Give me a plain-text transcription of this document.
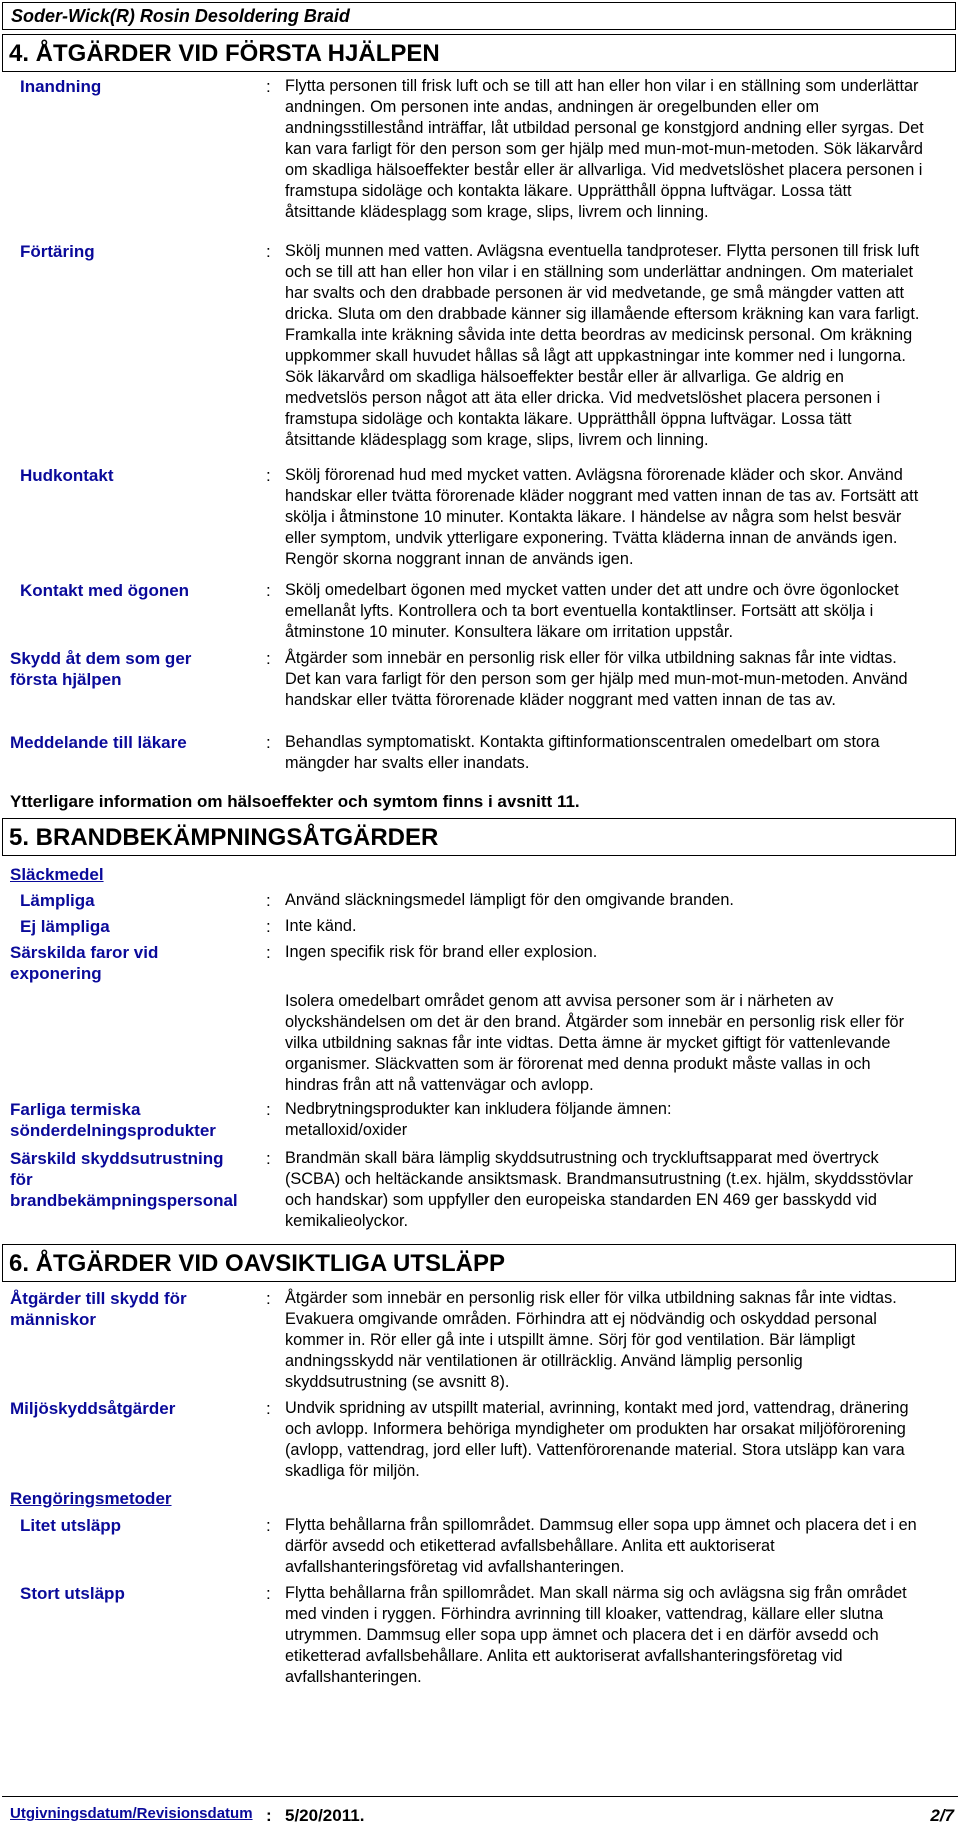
Soder-Wick(R) Rosin Desoldering Braid
4. ÅTGÄRDER VID FÖRSTA HJÄLPEN
Inandning	: Flytta personen till frisk luft och se till att han eller hon vilar i en ställning som underlättar andningen. Om personen inte andas, andningen är oregelbunden eller om andningsstillestånd inträffar, låt utbildad personal ge konstgjord andning eller syrgas. Det kan vara farligt för den person som ger hjälp med mun-mot-mun-metoden. Sök läkarvård om skadliga hälsoeffekter består eller är allvarliga. Vid medvetslöshet placera personen i framstupa sidoläge och kontakta läkare. Upprätthåll öppna luftvägar. Lossa tätt åtsittande klädesplagg som krage, slips, livrem och linning.
Förtäring	: Skölj munnen med vatten. Avlägsna eventuella tandproteser. Flytta personen till frisk luft och se till att han eller hon vilar i en ställning som underlättar andningen. Om materialet har svalts och den drabbade personen är vid medvetande, ge små mängder vatten att dricka. Sluta om den drabbade känner sig illamående eftersom kräkning kan vara farligt. Framkalla inte kräkning såvida inte detta beordras av medicinsk personal. Om kräkning uppkommer skall huvudet hållas så lågt att uppkastningar inte kommer ned i lungorna. Sök läkarvård om skadliga hälsoeffekter består eller är allvarliga. Ge aldrig en medvetslös person något att äta eller dricka. Vid medvetslöshet placera personen i framstupa sidoläge och kontakta läkare. Upprätthåll öppna luftvägar. Lossa tätt åtsittande klädesplagg som krage, slips, livrem och linning.
Hudkontakt	: Skölj förorenad hud med mycket vatten. Avlägsna förorenade kläder och skor. Använd handskar eller tvätta förorenade kläder noggrant med vatten innan de tas av. Fortsätt att skölja i åtminstone 10 minuter. Kontakta läkare. I händelse av några som helst besvär eller symptom, undvik ytterligare exponering. Tvätta kläderna innan de används igen. Rengör skorna noggrant innan de används igen.
Kontakt med ögonen	: Skölj omedelbart ögonen med mycket vatten under det att undre och övre ögonlocket emellanåt lyfts. Kontrollera och ta bort eventuella kontaktlinser. Fortsätt att skölja i åtminstone 10 minuter. Konsultera läkare om irritation uppstår.
Skydd åt dem som ger första hjälpen
: Åtgärder som innebär en personlig risk eller för vilka utbildning saknas får inte vidtas. Det kan vara farligt för den person som ger hjälp med mun-mot-mun-metoden. Använd handskar eller tvätta förorenade kläder noggrant med vatten innan de tas av.
Meddelande till läkare	: Behandlas symptomatiskt. Kontakta giftinformationscentralen omedelbart om stora mängder har svalts eller inandats.
Ytterligare information om hälsoeffekter och symtom finns i avsnitt 11.
5. BRANDBEKÄMPNINGSÅTGÄRDER
Släckmedel
Lämpliga	: Använd släckningsmedel lämpligt för den omgivande branden.
Ej lämpliga	: Inte känd.
Särskilda faror vid exponering
: Ingen specifik risk för brand eller explosion.
Isolera omedelbart området genom att avvisa personer som är i närheten av olyckshändelsen om det är den brand. Åtgärder som innebär en personlig risk eller för vilka utbildning saknas får inte vidtas. Detta ämne är mycket giftigt för vattenlevande organismer. Släckvatten som är förorenat med denna produkt måste vallas in och hindras från att nå vattenvägar och avlopp.
Farliga termiska sönderdelningsprodukter
: Nedbrytningsprodukter kan inkludera följande ämnen:
metalloxid/oxider
Särskild skyddsutrustning för brandbekämpningspersonal
: Brandmän skall bära lämplig skyddsutrustning och tryckluftsapparat med övertryck (SCBA) och heltäckande ansiktsmask. Brandmansutrustning (t.ex. hjälm, skyddsstövlar och handskar) som uppfyller den europeiska standarden EN 469 ger basskydd vid kemikalieolyckor.
6. ÅTGÄRDER VID OAVSIKTLIGA UTSLÄPP
Åtgärder till skydd för människor
: Åtgärder som innebär en personlig risk eller för vilka utbildning saknas får inte vidtas. Evakuera omgivande områden. Förhindra att ej nödvändig och oskyddad personal kommer in. Rör eller gå inte i utspillt ämne. Sörj för god ventilation. Bär lämpligt andningsskydd när ventilationen är otillräcklig. Använd lämplig personlig skyddsutrustning (se avsnitt 8).
Miljöskyddsåtgärder	: Undvik spridning av utspillt material, avrinning, kontakt med jord, vattendrag, dränering och avlopp. Informera behöriga myndigheter om produkten har orsakat miljöförorening (avlopp, vattendrag, jord eller luft). Vattenförorenande material. Stora utsläpp kan vara skadliga för miljön.
Rengöringsmetoder
Litet utsläpp	: Flytta behållarna från spillområdet. Dammsug eller sopa upp ämnet och placera det i en därför avsedd och etiketterad avfallsbehållare. Anlita ett auktoriserat avfallshanteringsföretag vid avfallshanteringen.
Stort utsläpp	: Flytta behållarna från spillområdet. Man skall närma sig och avlägsna sig från området med vinden i ryggen. Förhindra avrinning till kloaker, vattendrag, källare eller slutna utrymmen. Dammsug eller sopa upp ämnet och placera det i en därför avsedd och etiketterad avfallsbehållare. Anlita ett auktoriserat avfallshanteringsföretag vid avfallshanteringen.
Utgivningsdatum/Revisionsdatum : 5/20/2011.	2/7
